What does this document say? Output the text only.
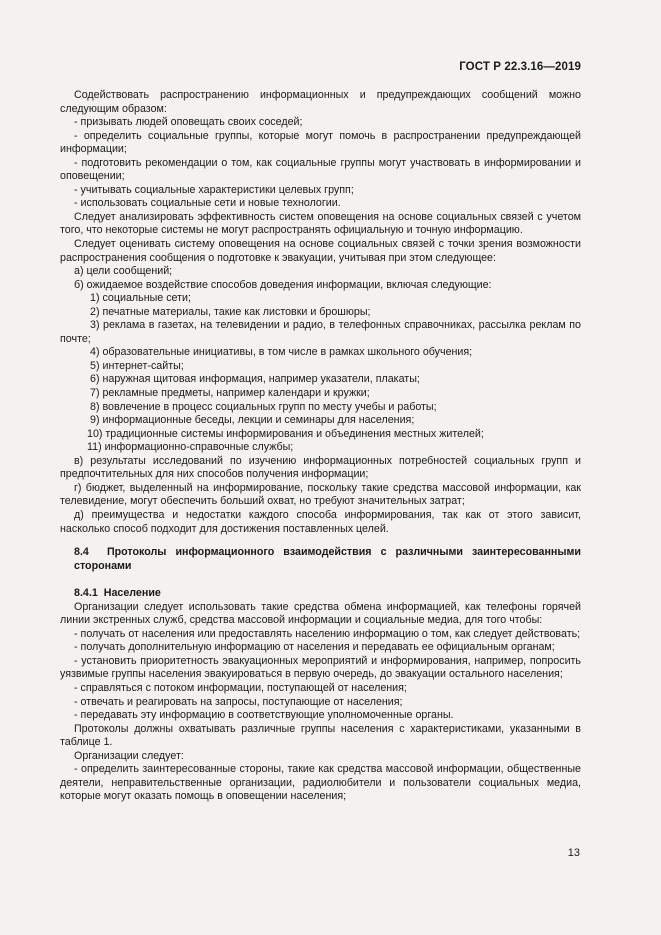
ГОСТ Р 22.3.16—2019

Содействовать распространению информационных и предупреждающих сообщений можно следующим образом:

- призывать людей оповещать своих соседей;

- определить социальные группы, которые могут помочь в распространении предупреждающей информации;

- подготовить рекомендации о том, как социальные группы могут участвовать в информировании и оповещении;

- учитывать социальные характеристики целевых групп;

- использовать социальные сети и новые технологии.

Следует анализировать эффективность систем оповещения на основе социальных связей с учетом того, что некоторые системы не могут распространять официальную и точную информацию.

Следует оценивать систему оповещения на основе социальных связей с точки зрения возможности распространения сообщения о подготовке к эвакуации, учитывая при этом следующее:

а) цели сообщений;

б) ожидаемое воздействие способов доведения информации, включая следующие:

1) социальные сети;

2) печатные материалы, такие как листовки и брошюры;

3) реклама в газетах, на телевидении и радио, в телефонных справочниках, рассылка реклам по почте;

4) образовательные инициативы, в том числе в рамках школьного обучения;

5) интернет-сайты;

6) наружная щитовая информация, например указатели, плакаты;

7) рекламные предметы, например календари и кружки;

8) вовлечение в процесс социальных групп по месту учебы и работы;

9) информационные беседы, лекции и семинары для населения;

10) традиционные системы информирования и объединения местных жителей;

11) информационно-справочные службы;

в) результаты исследований по изучению информационных потребностей социальных групп и предпочтительных для них способов получения информации;

г) бюджет, выделенный на информирование, поскольку такие средства массовой информации, как телевидение, могут обеспечить больший охват, но требуют значительных затрат;

д) преимущества и недостатки каждого способа информирования, так как от этого зависит, насколько способ подходит для достижения поставленных целей.

8.4 Протоколы информационного взаимодействия с различными заинтересованными сторонами

8.4.1 Население

Организации следует использовать такие средства обмена информацией, как телефоны горячей линии экстренных служб, средства массовой информации и социальные медиа, для того чтобы:

- получать от населения или предоставлять населению информацию о том, как следует действовать;

- получать дополнительную информацию от населения и передавать ее официальным органам;

- установить приоритетность эвакуационных мероприятий и информирования, например, попросить уязвимые группы населения эвакуироваться в первую очередь, до эвакуации остального населения;

- справляться с потоком информации, поступающей от населения;

- отвечать и реагировать на запросы, поступающие от населения;

- передавать эту информацию в соответствующие уполномоченные органы.

Протоколы должны охватывать различные группы населения с характеристиками, указанными в таблице 1.

Организации следует:

- определить заинтересованные стороны, такие как средства массовой информации, общественные деятели, неправительственные организации, радиолюбители и пользователи социальных медиа, которые могут оказать помощь в оповещении населения;

13
